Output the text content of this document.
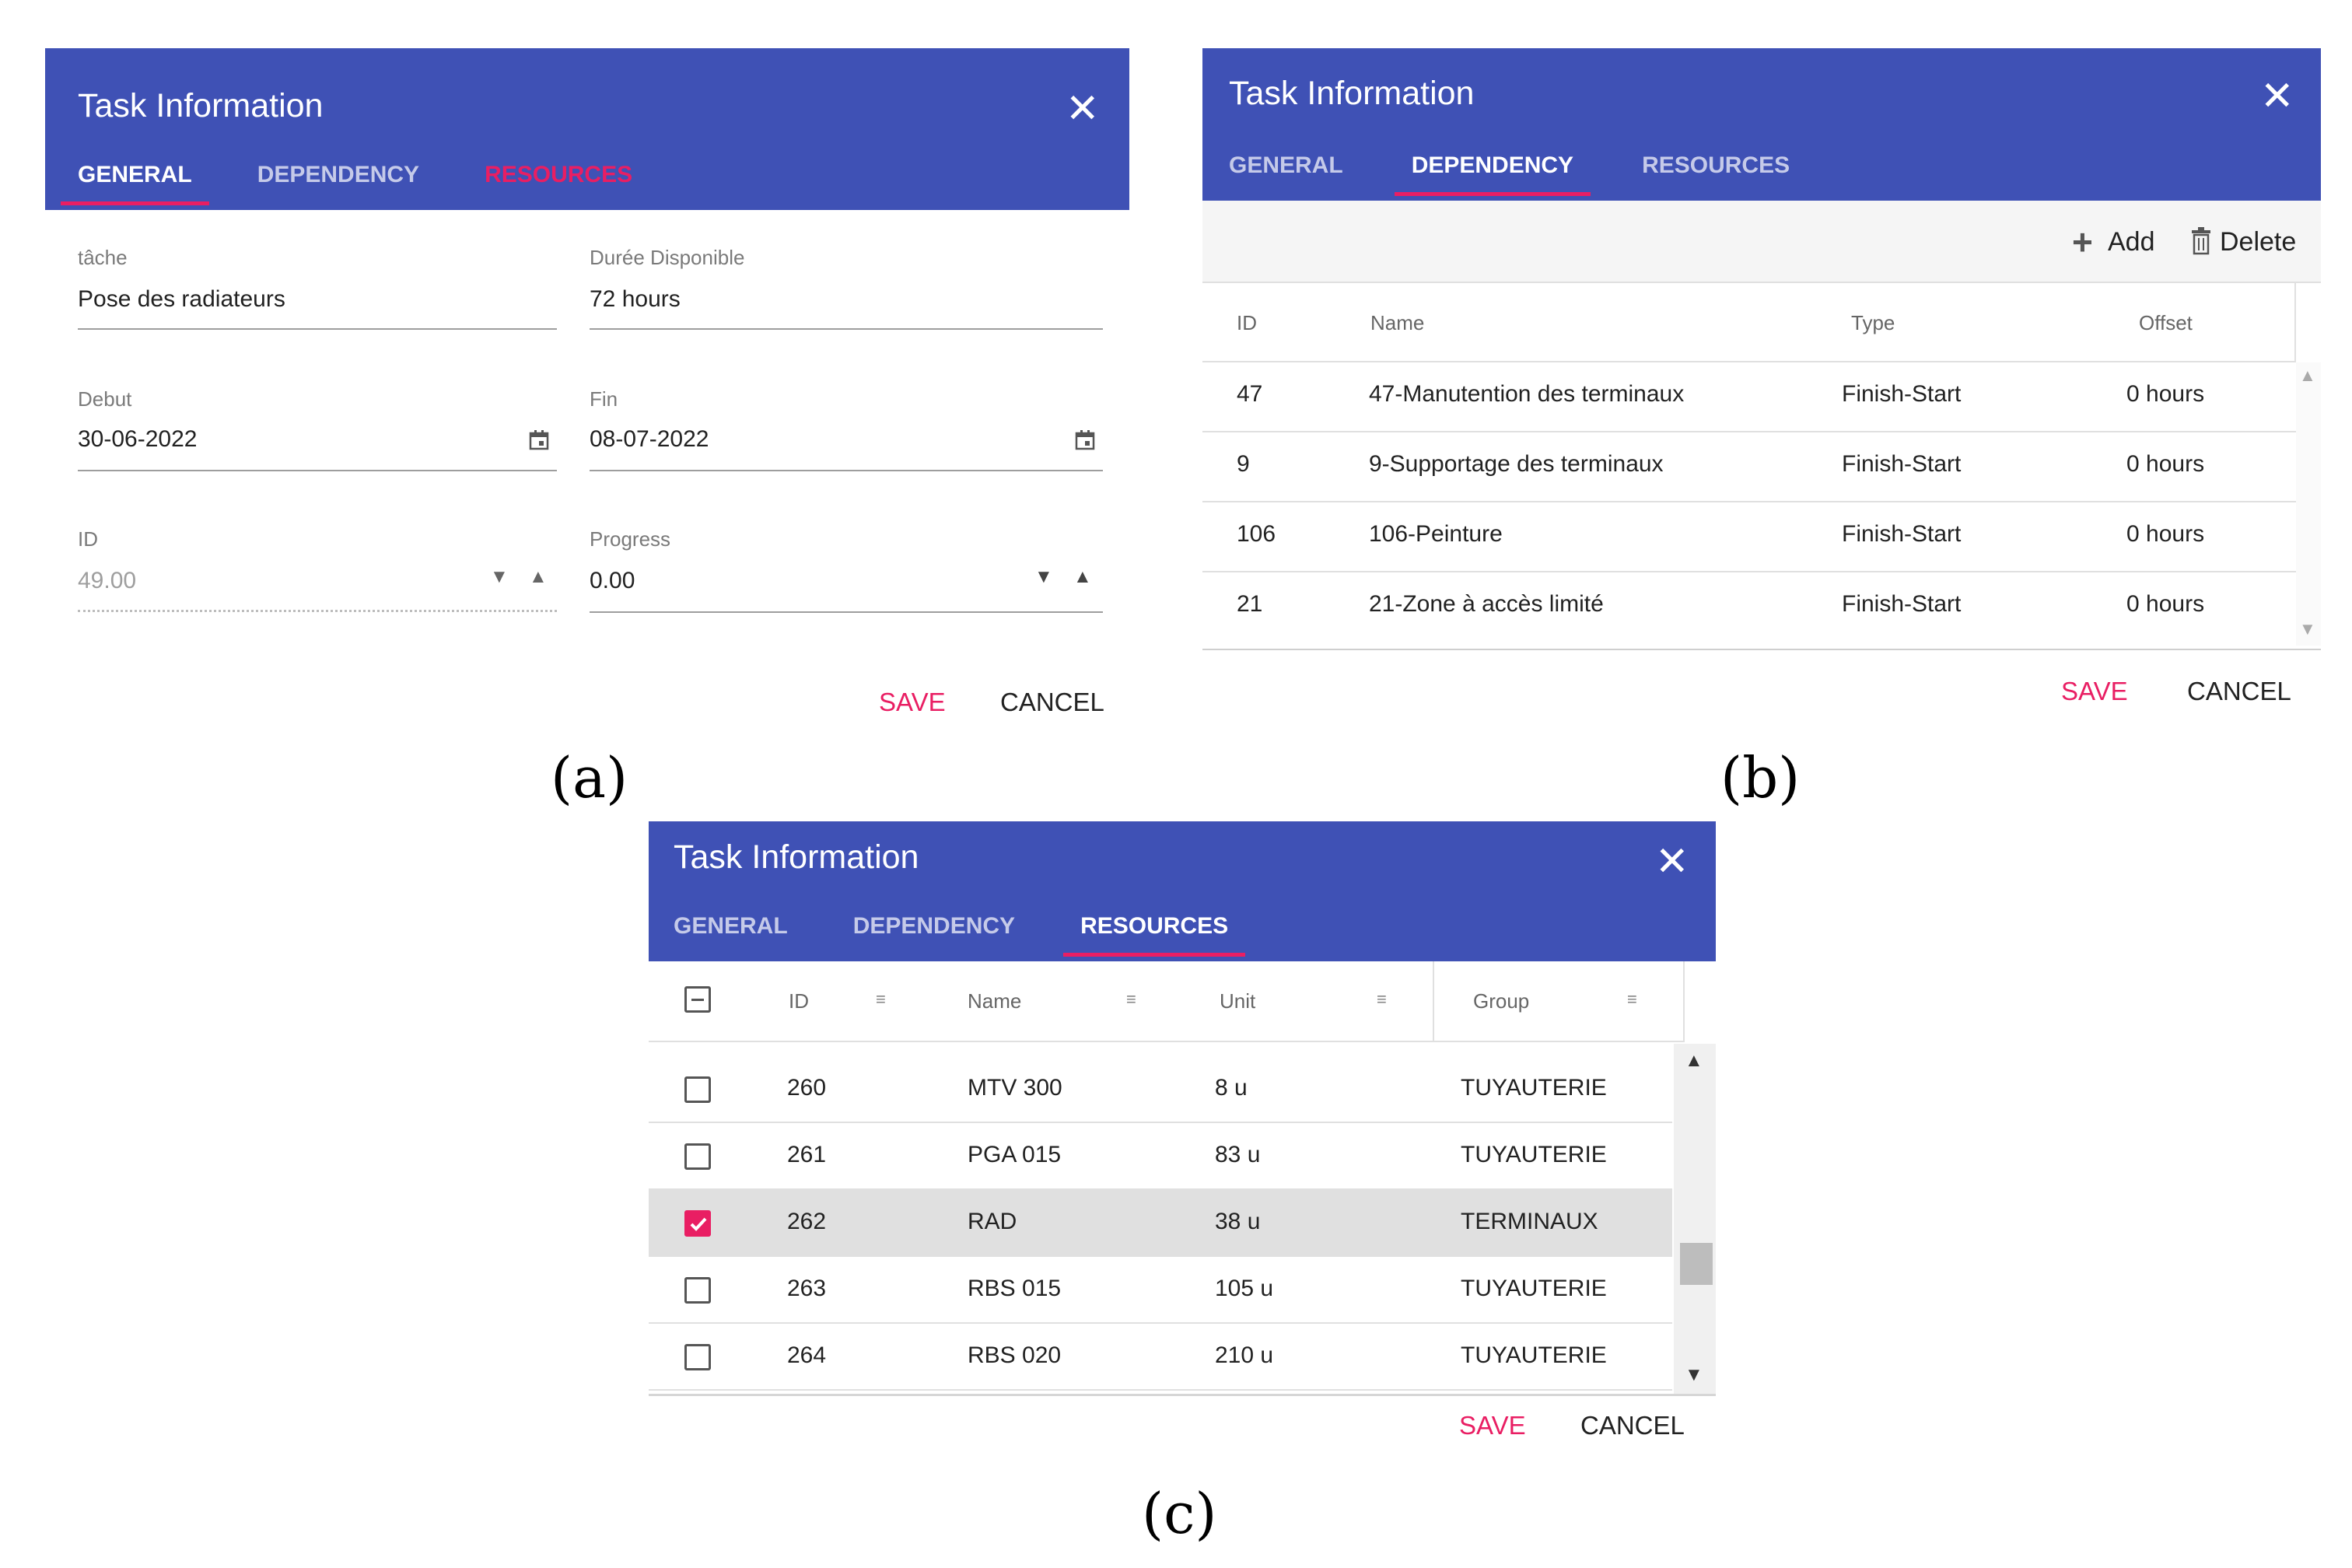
Task Information	✕
GENERAL	DEPENDENCY	RESOURCES
tâche
Pose des radiateurs
Durée Disponible
72 hours
Debut
30-06-2022
Fin
08-07-2022
ID
49.00	▼ ▲
Progress
0.00	▼ ▲
SAVE CANCEL
(a)
Task Information	✕
GENERAL	DEPENDENCY	RESOURCES
+ Add Delete
ID	Name	Type	Offset
47	47-Manutention des terminaux	Finish-Start	0 hours
9	9-Supportage des terminaux	Finish-Start	0 hours
106	106-Peinture	Finish-Start	0 hours
21	21-Zone à accès limité	Finish-Start	0 hours
▲
▼
SAVE CANCEL
(b)
Task Information	✕
GENERAL	DEPENDENCY	RESOURCES
ID	≡	Name	≡	Unit	≡	Group	≡
260	MTV 300	8 u	TUYAUTERIE
261	PGA 015	83 u	TUYAUTERIE
262	RAD	38 u	TERMINAUX
263	RBS 015	105 u	TUYAUTERIE
264	RBS 020	210 u	TUYAUTERIE
▲
▼
SAVE CANCEL
(c)
